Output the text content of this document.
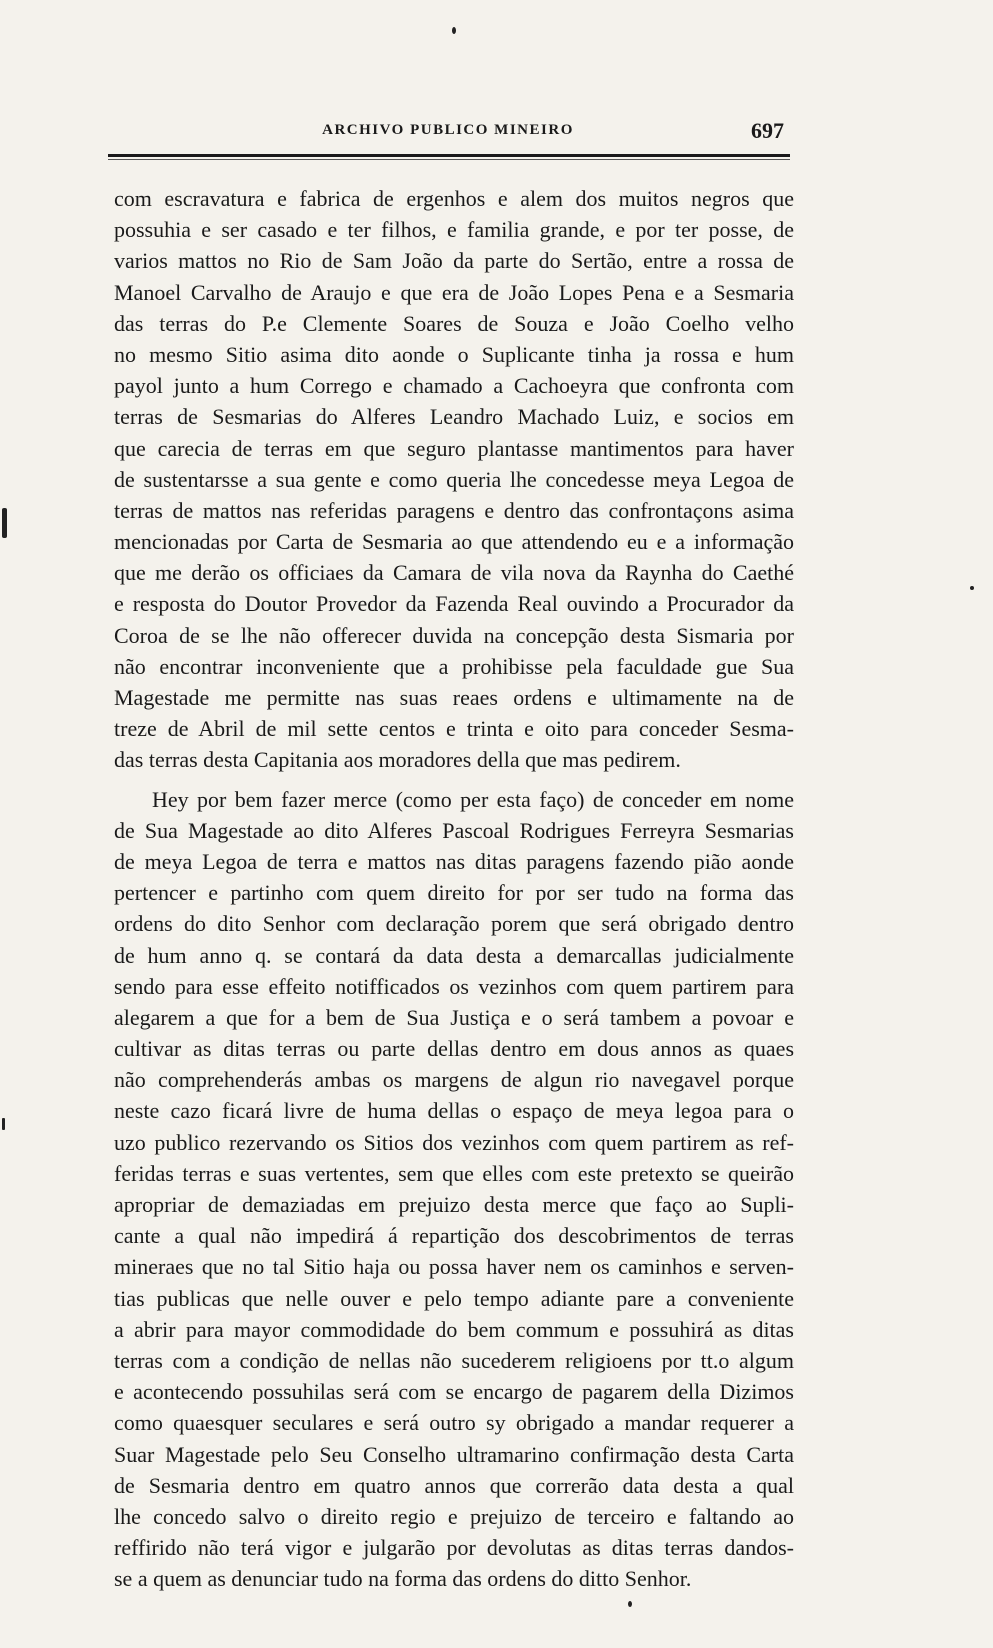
ARCHIVO PUBLICO MINEIRO	697
com escravatura e fabrica de ergenhos e alem dos muitos negros que
possuhia e ser casado e ter filhos, e familia grande, e por ter posse, de
varios mattos no Rio de Sam João da parte do Sertão, entre a rossa de
Manoel Carvalho de Araujo e que era de João Lopes Pena e a Sesmaria
das terras do P.e Clemente Soares de Souza e João Coelho velho
no mesmo Sitio asima dito aonde o Suplicante tinha ja rossa e hum
payol junto a hum Corrego e chamado a Cachoeyra que confronta com
terras de Sesmarias do Alferes Leandro Machado Luiz, e socios em
que carecia de terras em que seguro plantasse mantimentos para haver
de sustentarsse a sua gente e como queria lhe concedesse meya Legoa de
terras de mattos nas referidas paragens e dentro das confrontaçons asima
mencionadas por Carta de Sesmaria ao que attendendo eu e a informação
que me derão os officiaes da Camara de vila nova da Raynha do Caethé
e resposta do Doutor Provedor da Fazenda Real ouvindo a Procurador da
Coroa de se lhe não offerecer duvida na concepção desta Sismaria por
não encontrar inconveniente que a prohibisse pela faculdade gue Sua
Magestade me permitte nas suas reaes ordens e ultimamente na de
treze de Abril de mil sette centos e trinta e oito para conceder Sesma-
das terras desta Capitania aos moradores della que mas pedirem.
Hey por bem fazer merce (como per esta faço) de conceder em nome
de Sua Magestade ao dito Alferes Pascoal Rodrigues Ferreyra Sesmarias
de meya Legoa de terra e mattos nas ditas paragens fazendo pião aonde
pertencer e partinho com quem direito for por ser tudo na forma das
ordens do dito Senhor com declaração porem que será obrigado dentro
de hum anno q. se contará da data desta a demarcallas judicialmente
sendo para esse effeito notifficados os vezinhos com quem partirem para
alegarem a que for a bem de Sua Justiça e o será tambem a povoar e
cultivar as ditas terras ou parte dellas dentro em dous annos as quaes
não comprehenderás ambas os margens de algun rio navegavel porque
neste cazo ficará livre de huma dellas o espaço de meya legoa para o
uzo publico rezervando os Sitios dos vezinhos com quem partirem as ref-
feridas terras e suas vertentes, sem que elles com este pretexto se queirão
apropriar de demaziadas em prejuizo desta merce que faço ao Supli-
cante a qual não impedirá á repartição dos descobrimentos de terras
mineraes que no tal Sitio haja ou possa haver nem os caminhos e serven-
tias publicas que nelle ouver e pelo tempo adiante pare a conveniente
a abrir para mayor commodidade do bem commum e possuhirá as ditas
terras com a condição de nellas não sucederem religioens por tt.o algum
e acontecendo possuhilas será com se encargo de pagarem della Dizimos
como quaesquer seculares e será outro sy obrigado a mandar requerer a
Suar Magestade pelo Seu Conselho ultramarino confirmação desta Carta
de Sesmaria dentro em quatro annos que correrão data desta a qual
lhe concedo salvo o direito regio e prejuizo de terceiro e faltando ao
reffirido não terá vigor e julgarão por devolutas as ditas terras dandos-
se a quem as denunciar tudo na forma das ordens do ditto Senhor.
